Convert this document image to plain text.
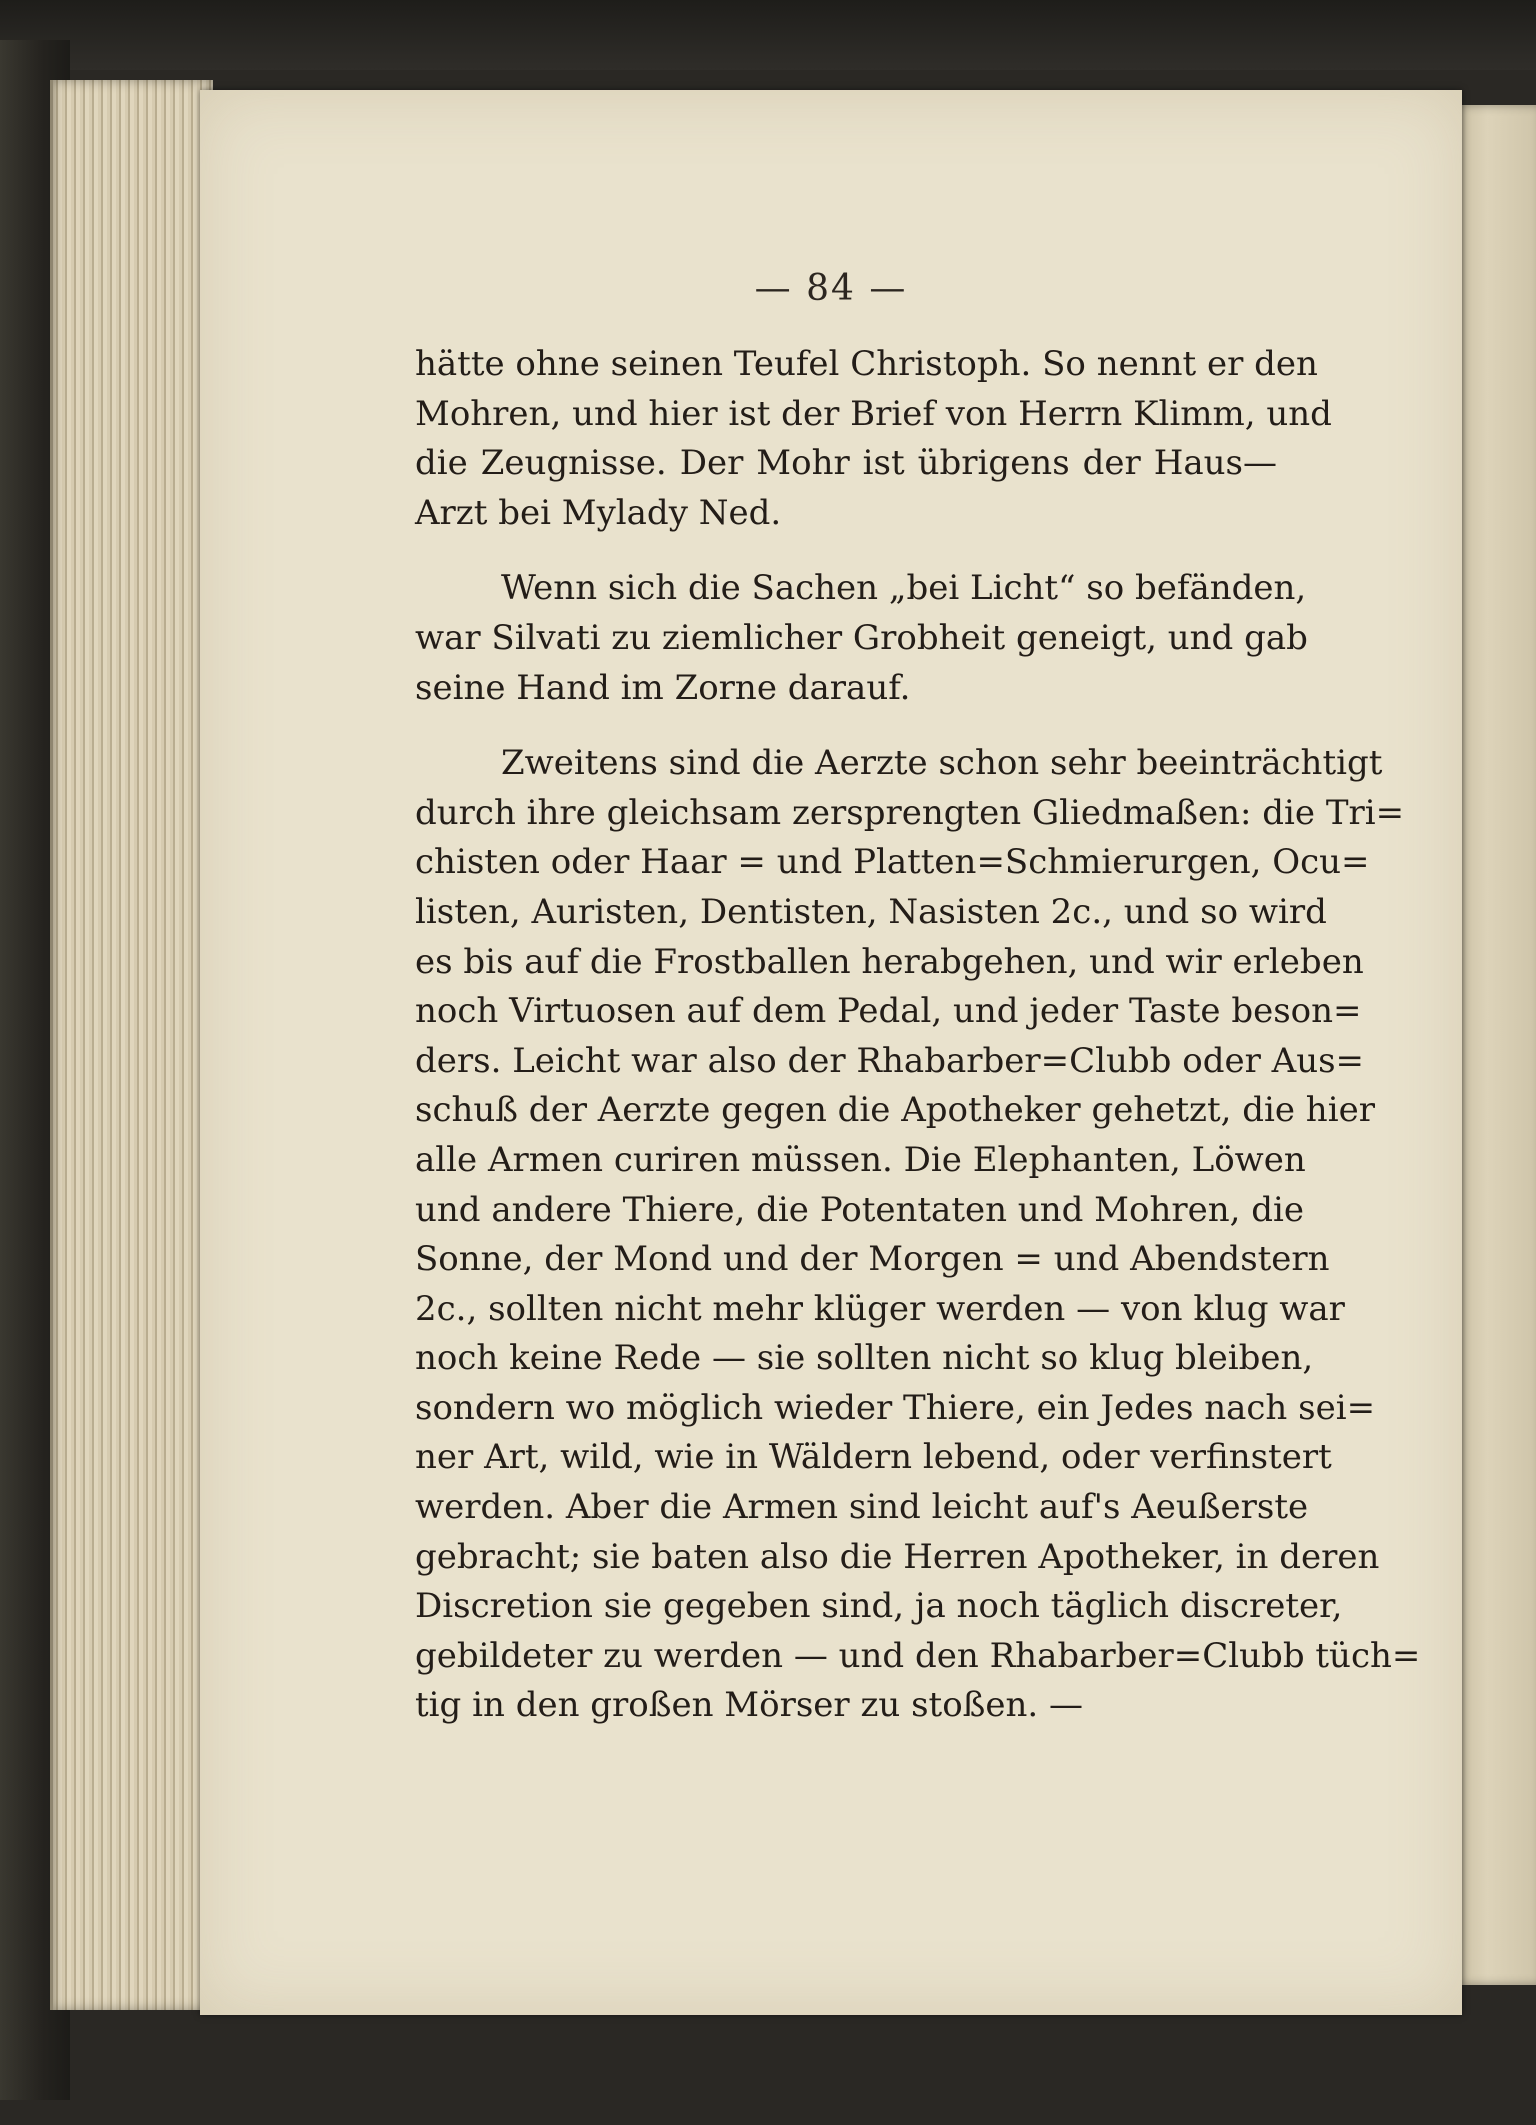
— 84 —
hätte ohne seinen Teufel Christoph. So nennt er den
Mohren, und hier ist der Brief von Herrn Klimm, und
die Zeugnisse. Der Mohr ist übrigens der Haus—
Arzt bei Mylady Ned.
Wenn sich die Sachen „bei Licht“ so befänden,
war Silvati zu ziemlicher Grobheit geneigt, und gab
seine Hand im Zorne darauf.
Zweitens sind die Aerzte schon sehr beeinträchtigt
durch ihre gleichsam zersprengten Gliedmaßen: die Tri=
chisten oder Haar = und Platten=Schmierurgen, Ocu=
listen, Auristen, Dentisten, Nasisten 2c., und so wird
es bis auf die Frostballen herabgehen, und wir erleben
noch Virtuosen auf dem Pedal, und jeder Taste beson=
ders. Leicht war also der Rhabarber=Clubb oder Aus=
schuß der Aerzte gegen die Apotheker gehetzt, die hier
alle Armen curiren müssen. Die Elephanten, Löwen
und andere Thiere, die Potentaten und Mohren, die
Sonne, der Mond und der Morgen = und Abendstern
2c., sollten nicht mehr klüger werden — von klug war
noch keine Rede — sie sollten nicht so klug bleiben,
sondern wo möglich wieder Thiere, ein Jedes nach sei=
ner Art, wild, wie in Wäldern lebend, oder verfinstert
werden. Aber die Armen sind leicht auf's Aeußerste
gebracht; sie baten also die Herren Apotheker, in deren
Discretion sie gegeben sind, ja noch täglich discreter,
gebildeter zu werden — und den Rhabarber=Clubb tüch=
tig in den großen Mörser zu stoßen. —
